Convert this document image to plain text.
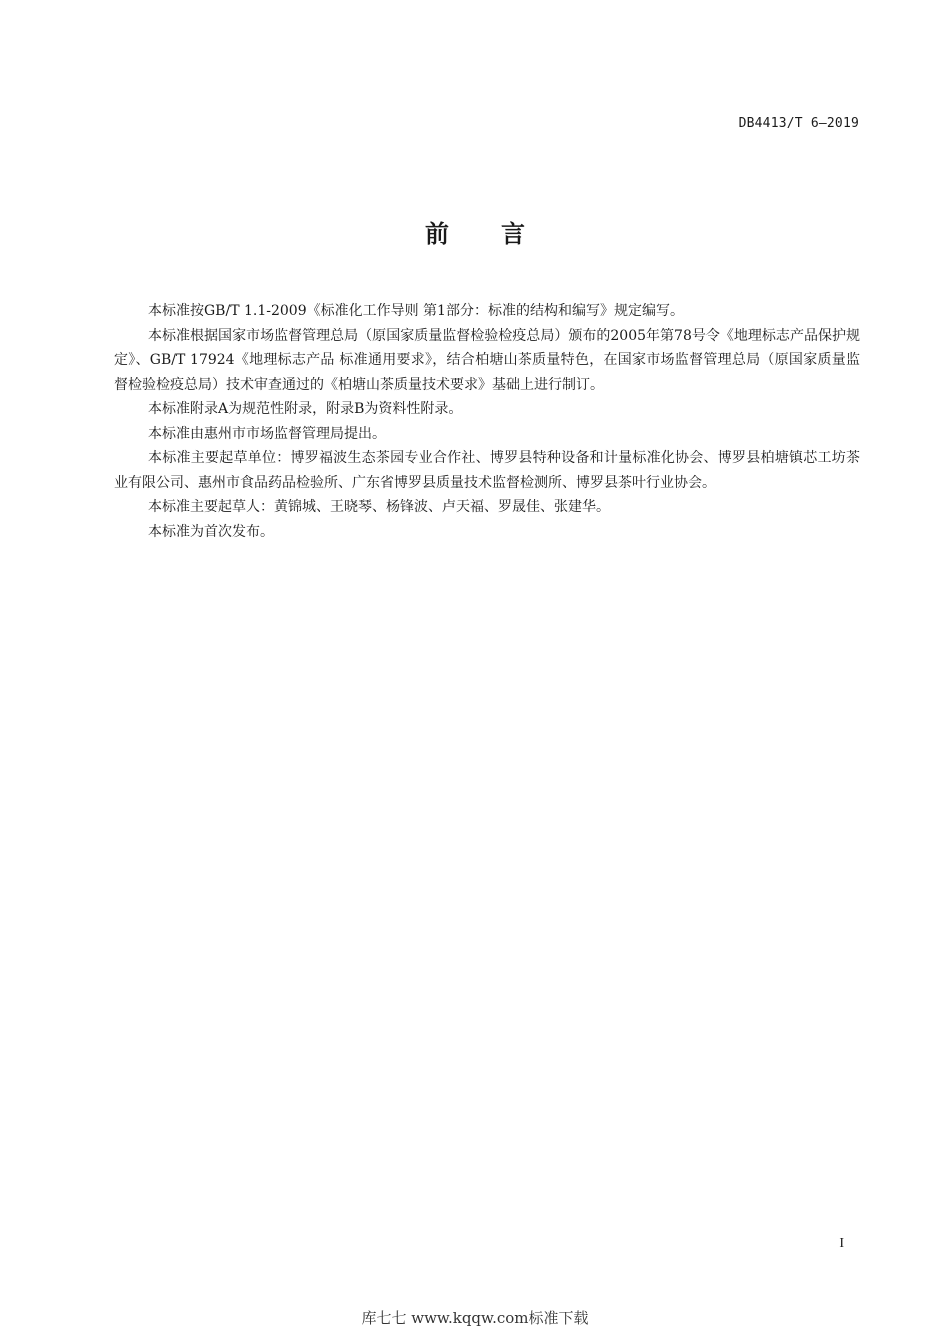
DB4413/T 6—2019
前 言

本标准按GB/T 1.1-2009《标准化工作导则 第1部分：标准的结构和编写》规定编写。

本标准根据国家市场监督管理总局（原国家质量监督检验检疫总局）颁布的2005年第78号令《地理标志产品保护规定》、GB/T 17924《地理标志产品 标准通用要求》，结合柏塘山茶质量特色，在国家市场监督管理总局（原国家质量监督检验检疫总局）技术审查通过的《柏塘山茶质量技术要求》基础上进行制订。

本标准附录A为规范性附录，附录B为资料性附录。

本标准由惠州市市场监督管理局提出。

本标准主要起草单位：博罗福波生态茶园专业合作社、博罗县特种设备和计量标准化协会、博罗县柏塘镇芯工坊茶业有限公司、惠州市食品药品检验所、广东省博罗县质量技术监督检测所、博罗县茶叶行业协会。

本标准主要起草人：黄锦城、王晓琴、杨锋波、卢天福、罗晟佳、张建华。

本标准为首次发布。

I
库七七 www.kqqw.com标准下载
